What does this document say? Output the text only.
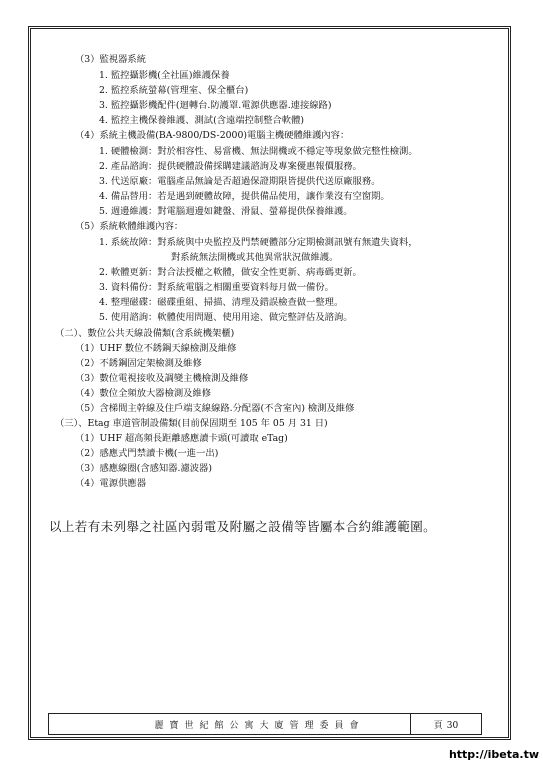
（3）監視器系統
1. 監控攝影機(全社區)維護保養
2. 監控系統螢幕(管理室、保全櫃台)
3. 監控攝影機配件(迴轉台.防護罩.電源供應器.連接線路)
4. 監控主機保養維護、測試(含遠端控制整合軟體)
（4）系統主機設備(BA-9800/DS-2000)電腦主機硬體維護內容：
1. 硬體檢測：對於相容性、易當機、無法開機或不穩定等現象做完整性檢測。
2. 產品諮詢：提供硬體設備採購建議諮詢及專案優惠報價服務。
3. 代送原廠：電腦產品無論是否超過保證期限皆提供代送原廠服務。
4. 備品替用：若是遇到硬體故障，提供備品使用，讓作業沒有空窗期。
5. 週邊維護：對電腦週邊如鍵盤、滑鼠、螢幕提供保養維護。
（5）系統軟體維護內容：
1. 系統故障：對系統與中央監控及門禁硬體部分定期檢測訊號有無遺失資料，
對系統無法開機或其他異常狀況做維護。
2. 軟體更新：對合法授權之軟體，做安全性更新、病毒碼更新。
3. 資料備份：對系統電腦之相關重要資料每月做一備份。
4. 整理磁碟：磁碟重組、掃描、清理及錯誤檢查做一整理。
5. 使用諮詢：軟體使用問題、使用用途、做完整評估及諮詢。
（二）、數位公共天線設備類(含系統機架櫃)
（1）UHF 數位不銹鋼天線檢測及維修
（2）不銹鋼固定架檢測及維修
（3）數位電視接收及調變主機檢測及維修
（4）數位全頻放大器檢測及維修
（5）含梯間主幹線及住戶端支線線路.分配器(不含室內) 檢測及維修
（三）、Etag 車道管制設備類(目前保固期至 105 年 05 月 31 日)
（1）UHF 超高頻長距離感應讀卡頭(可讀取 eTag)
（2）感應式門禁讀卡機(一進一出)
（3）感應線圈(含感知器.濾波器)
（4）電源供應器
以上若有未列舉之社區內弱電及附屬之設備等皆屬本合約維護範圍。
麗寶世紀館公寓大廈管理委員會	頁 30
http://ibeta.tw
